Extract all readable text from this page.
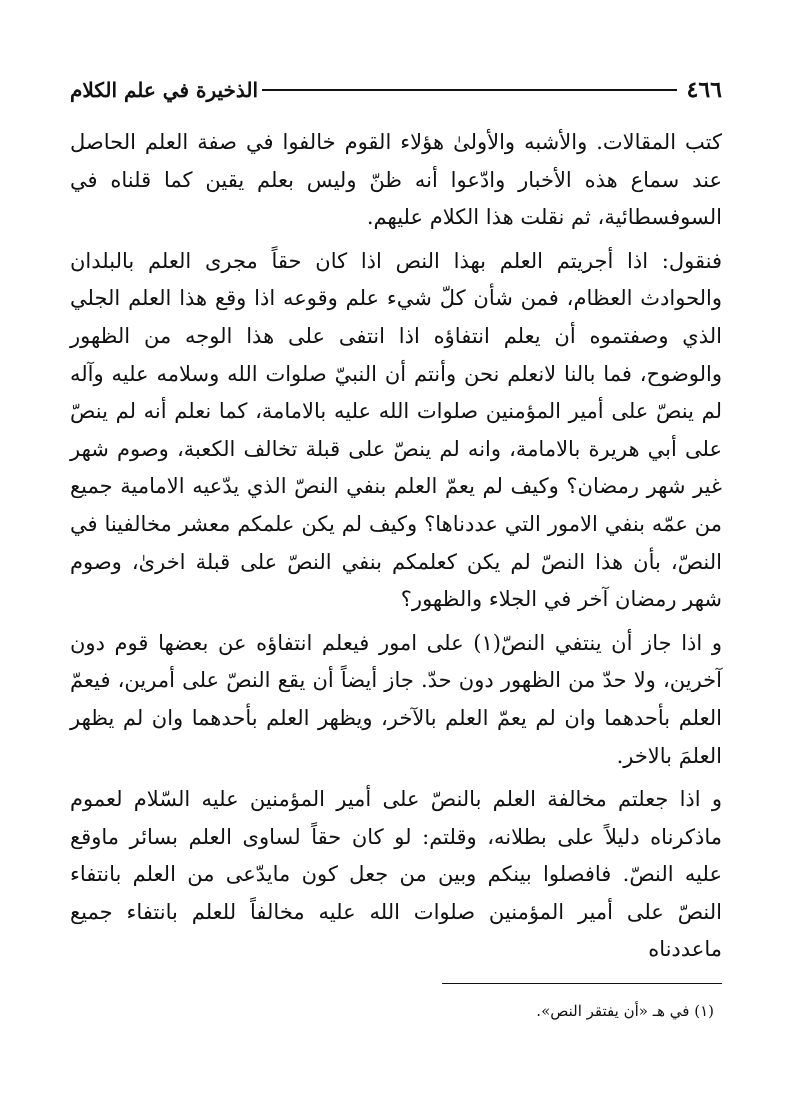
٤٦٦
الذخيرة في علم الكلام

كتب المقالات. والأشبه والأولىٰ هؤلاء القوم خالفوا في صفة العلم الحاصل عند سماع هذه الأخبار وادّعوا أنه ظنّ وليس بعلم يقين كما قلناه في السوفسطائية، ثم نقلت هذا الكلام عليهم.

فنقول: اذا أجريتم العلم بهذا النص اذا كان حقاً مجرى العلم بالبلدان والحوادث العظام، فمن شأن كلّ شيء علم وقوعه اذا وقع هذا العلم الجلي الذي وصفتموه أن يعلم انتفاؤه اذا انتفى على هذا الوجه من الظهور والوضوح، فما بالنا لانعلم نحن وأنتم أن النبيّ صلوات الله وسلامه عليه وآله لم ينصّ على أمير المؤمنين صلوات الله عليه بالامامة، كما نعلم أنه لم ينصّ على أبي هريرة بالامامة، وانه لم ينصّ على قبلة تخالف الكعبة، وصوم شهر غير شهر رمضان؟ وكيف لم يعمّ العلم بنفي النصّ الذي يدّعيه الامامية جميع من عمّه بنفي الامور التي عددناها؟ وكيف لم يكن علمكم معشر مخالفينا في النصّ، بأن هذا النصّ لم يكن كعلمكم بنفي النصّ على قبلة اخرىٰ، وصوم شهر رمضان آخر في الجلاء والظهور؟

و اذا جاز أن ينتفي النصّ(١) على امور فيعلم انتفاؤه عن بعضها قوم دون آخرين، ولا حدّ من الظهور دون حدّ. جاز أيضاً أن يقع النصّ على أمرين، فيعمّ العلم بأحدهما وان لم يعمّ العلم بالآخر، ويظهر العلم بأحدهما وان لم يظهر العلمَ بالاخر.

و اذا جعلتم مخالفة العلم بالنصّ على أمير المؤمنين عليه السّلام لعموم ماذكرناه دليلاً على بطلانه، وقلتم: لو كان حقاً لساوى العلم بسائر ماوقع عليه النصّ. فافصلوا بينكم وبين من جعل كون مايدّعى من العلم بانتفاء النصّ على أمير المؤمنين صلوات الله عليه مخالفاً للعلم بانتفاء جميع ماعددناه

(١) في هـ «أن يفتقر النص».
